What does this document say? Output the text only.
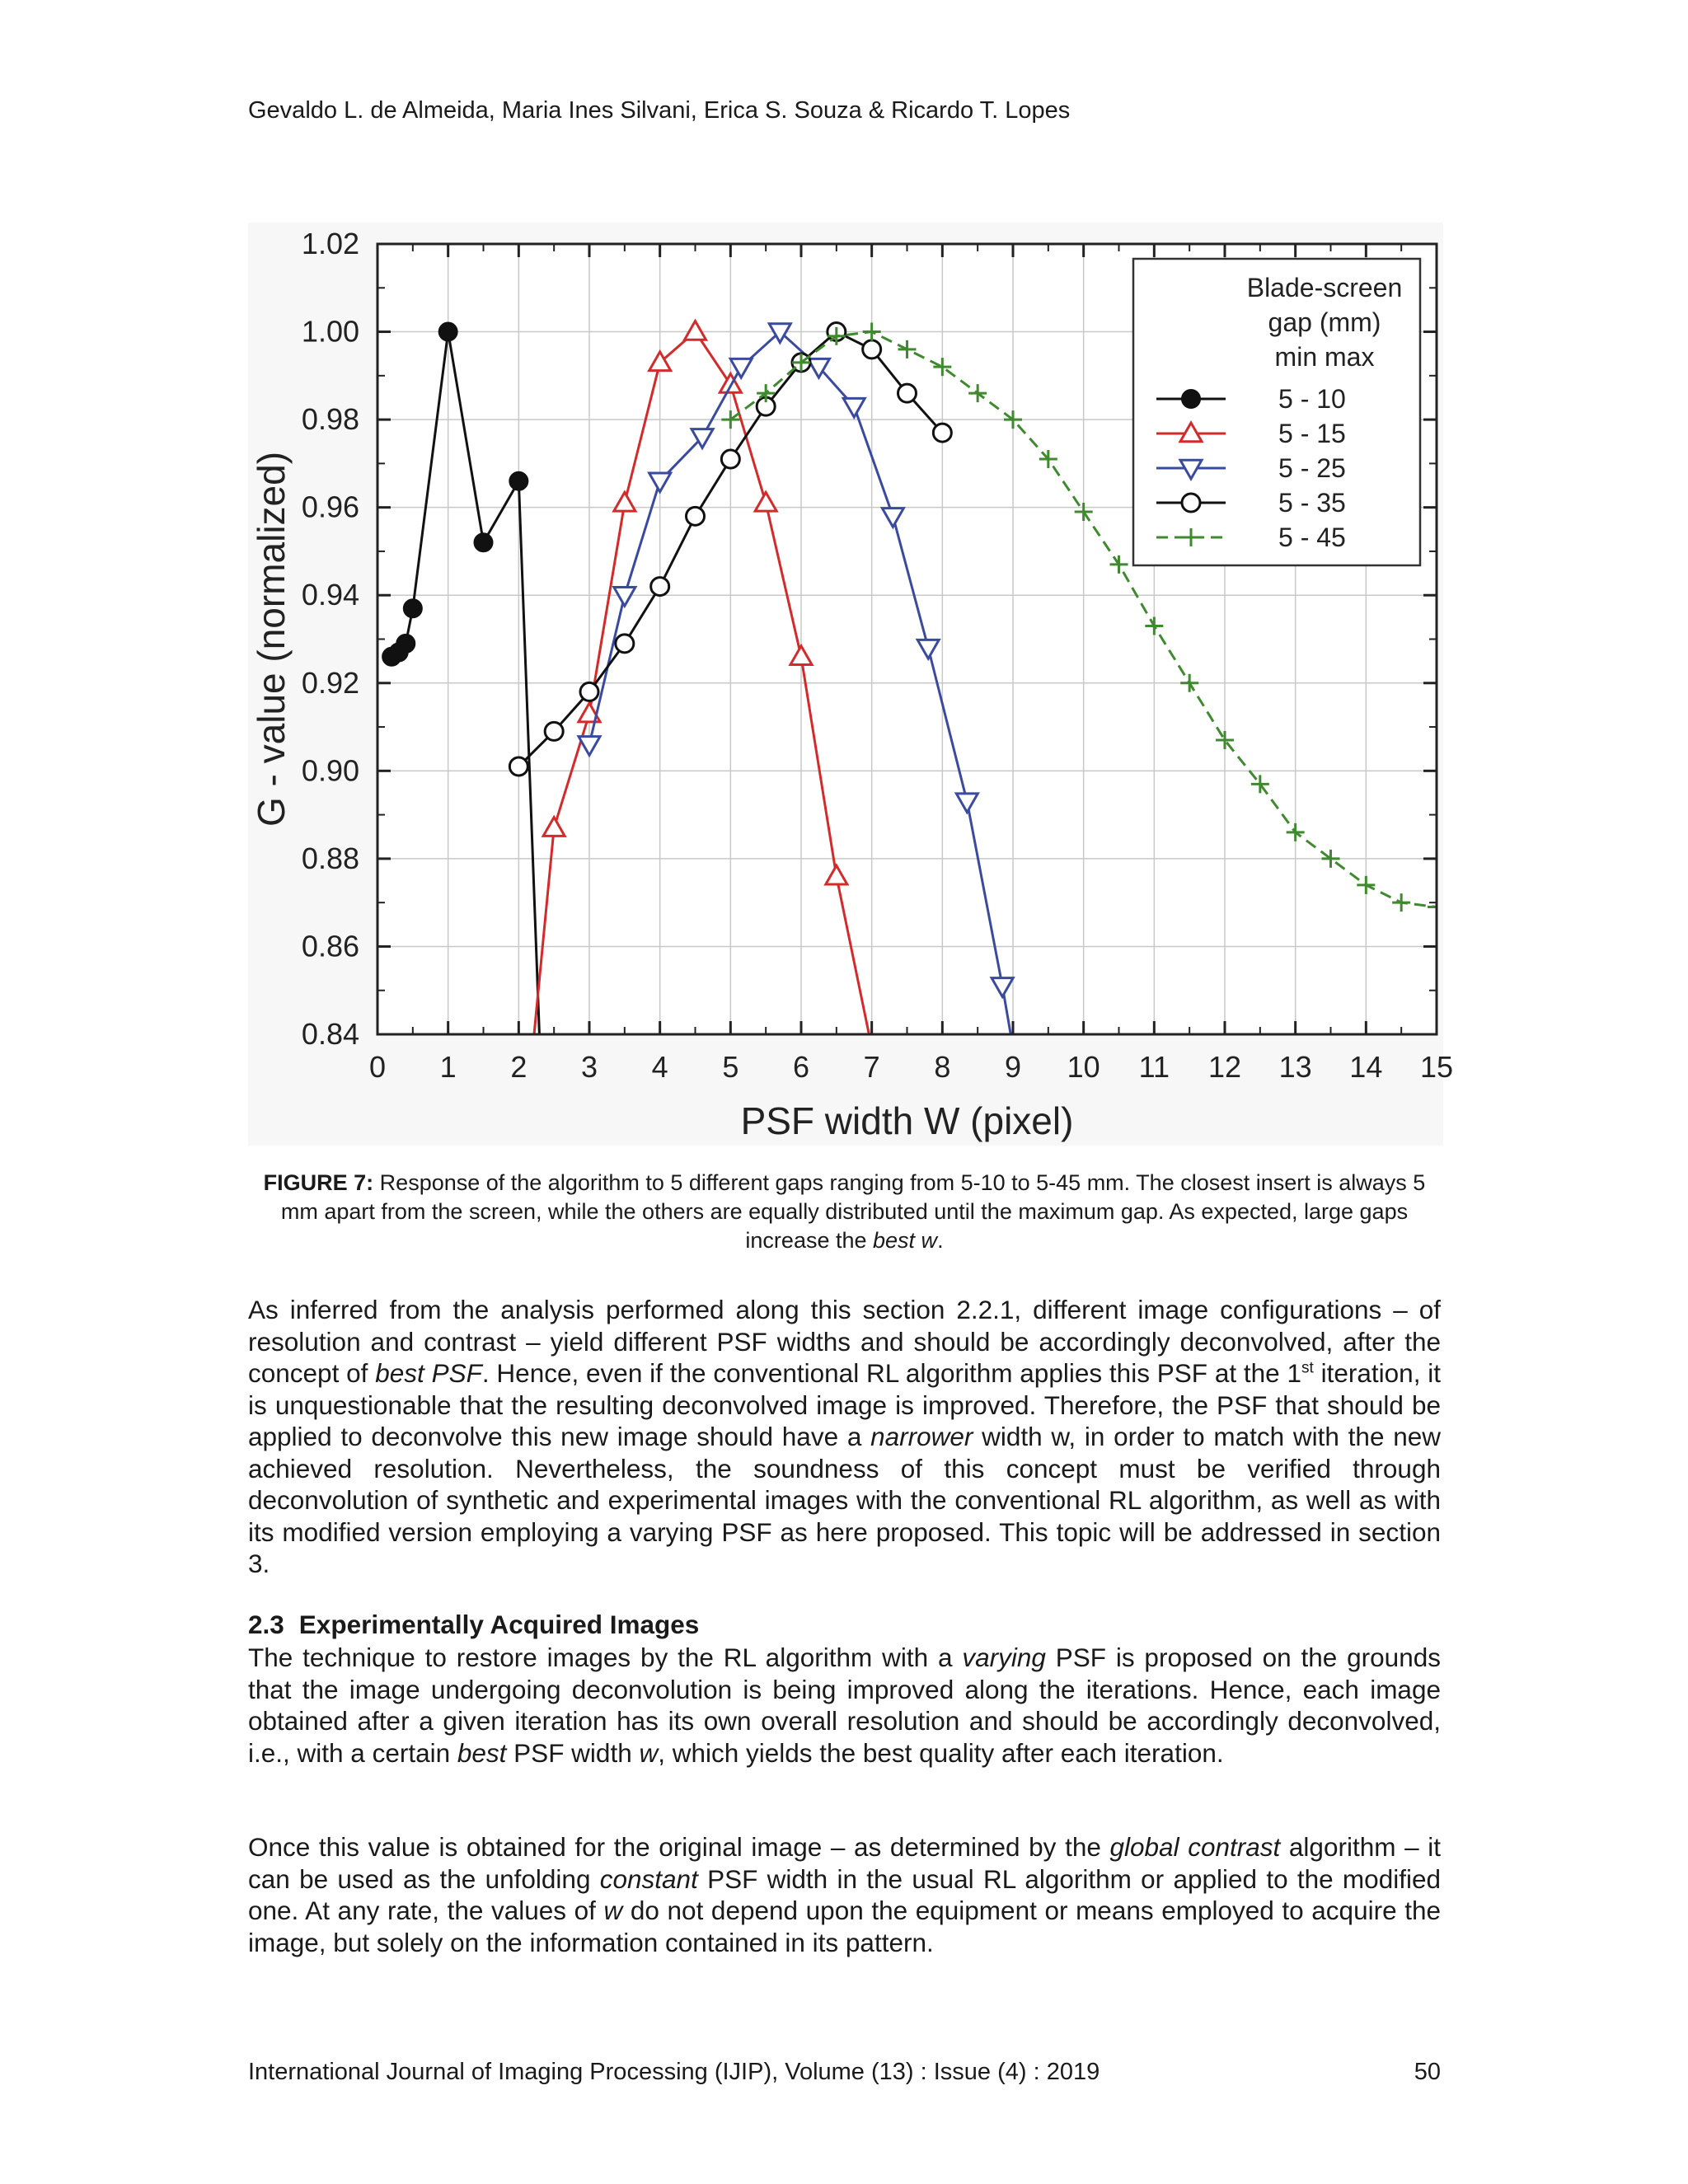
Gevaldo L. de Almeida, Maria Ines Silvani, Erica S. Souza & Ricardo T. Lopes
0 1 2 3 4 5 6 7 8 9 10 11 12 13 14 15
0.84
0.86
0.88
0.90
0.92
0.94
0.96
0.98
1.00
1.02
PSF width W (pixel)
G - value (normalized)
Blade-screen
gap (mm)
min max
5 - 10
5 - 15
5 - 25
5 - 35
5 - 45
FIGURE 7: Response of the algorithm to 5 different gaps ranging from 5-10 to 5-45 mm. The closest insert is always 5 mm apart from the screen, while the others are equally distributed until the maximum gap. As expected, large gaps increase the best w.
As inferred from the analysis performed along this section 2.2.1, different image configurations – of resolution and contrast – yield different PSF widths and should be accordingly deconvolved, after the concept of best PSF. Hence, even if the conventional RL algorithm applies this PSF at the 1st iteration, it is unquestionable that the resulting deconvolved image is improved. Therefore, the PSF that should be applied to deconvolve this new image should have a narrower width w, in order to match with the new achieved resolution. Nevertheless, the soundness of this concept must be verified through deconvolution of synthetic and experimental images with the conventional RL algorithm, as well as with its modified version employing a varying PSF as here proposed. This topic will be addressed in section 3.
2.3 Experimentally Acquired Images
The technique to restore images by the RL algorithm with a varying PSF is proposed on the grounds that the image undergoing deconvolution is being improved along the iterations. Hence, each image obtained after a given iteration has its own overall resolution and should be accordingly deconvolved, i.e., with a certain best PSF width w, which yields the best quality after each iteration.
Once this value is obtained for the original image – as determined by the global contrast algorithm – it can be used as the unfolding constant PSF width in the usual RL algorithm or applied to the modified one. At any rate, the values of w do not depend upon the equipment or means employed to acquire the image, but solely on the information contained in its pattern.
International Journal of Imaging Processing (IJIP), Volume (13) : Issue (4) : 2019	50
